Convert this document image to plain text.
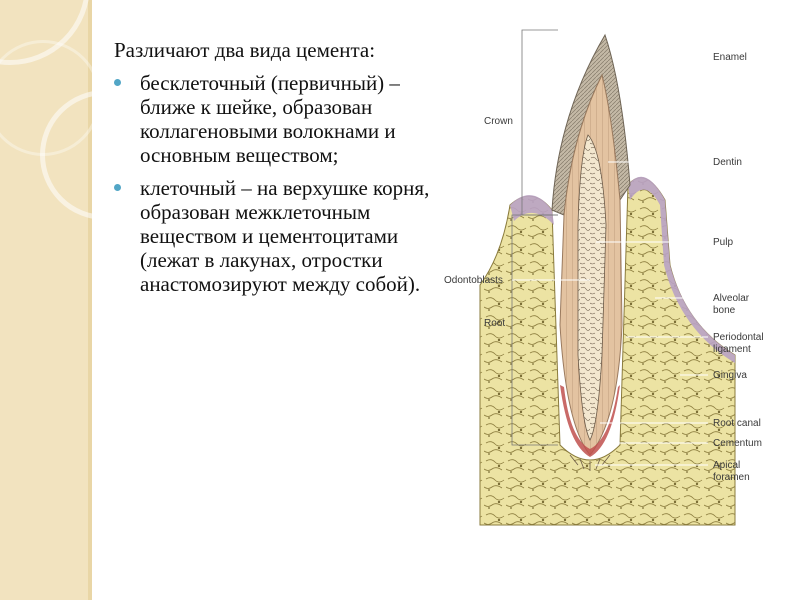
Различают два вида цемента:

бесклеточный (первичный) – ближе к шейке, образован коллагеновыми волокнами и основным веществом;
клеточный – на верхушке корня, образован межклеточным веществом и цементоцитами (лежат в лакунах, отростки анастомозируют между собой).
Enamel
Crown
Dentin
Pulp
Odontoblasts
Root
Alveolar
bone
Periodontal
ligament
Gingiva
Root canal
Cementum
Apical
foramen
